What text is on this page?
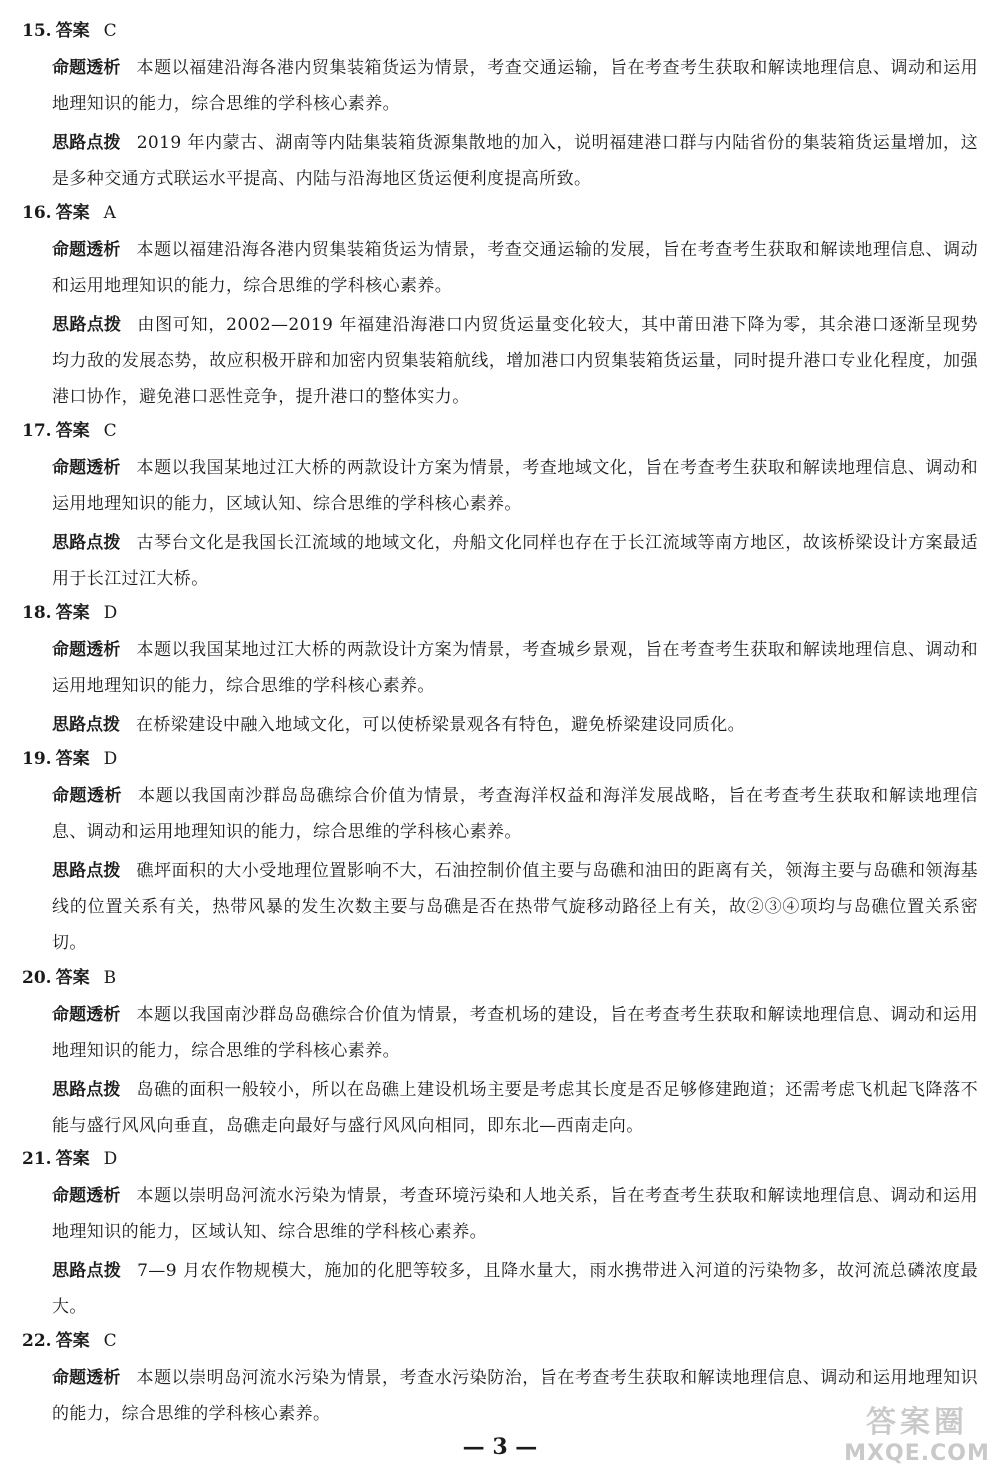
15. 答案 C
命题透析 本题以福建沿海各港内贸集装箱货运为情景，考查交通运输，旨在考查考生获取和解读地理信息、调动和运用地理知识的能力，综合思维的学科核心素养。
思路点拨 2019 年内蒙古、湖南等内陆集装箱货源集散地的加入，说明福建港口群与内陆省份的集装箱货运量增加，这是多种交通方式联运水平提高、内陆与沿海地区货运便利度提高所致。
16. 答案 A
命题透析 本题以福建沿海各港内贸集装箱货运为情景，考查交通运输的发展，旨在考查考生获取和解读地理信息、调动和运用地理知识的能力，综合思维的学科核心素养。
思路点拨 由图可知，2002—2019 年福建沿海港口内贸货运量变化较大，其中莆田港下降为零，其余港口逐渐呈现势均力敌的发展态势，故应积极开辟和加密内贸集装箱航线，增加港口内贸集装箱货运量，同时提升港口专业化程度，加强港口协作，避免港口恶性竞争，提升港口的整体实力。
17. 答案 C
命题透析 本题以我国某地过江大桥的两款设计方案为情景，考查地域文化，旨在考查考生获取和解读地理信息、调动和运用地理知识的能力，区域认知、综合思维的学科核心素养。
思路点拨 古琴台文化是我国长江流域的地域文化，舟船文化同样也存在于长江流域等南方地区，故该桥梁设计方案最适用于长江过江大桥。
18. 答案 D
命题透析 本题以我国某地过江大桥的两款设计方案为情景，考查城乡景观，旨在考查考生获取和解读地理信息、调动和运用地理知识的能力，综合思维的学科核心素养。
思路点拨 在桥梁建设中融入地域文化，可以使桥梁景观各有特色，避免桥梁建设同质化。
19. 答案 D
命题透析 本题以我国南沙群岛岛礁综合价值为情景，考查海洋权益和海洋发展战略，旨在考查考生获取和解读地理信息、调动和运用地理知识的能力，综合思维的学科核心素养。
思路点拨 礁坪面积的大小受地理位置影响不大，石油控制价值主要与岛礁和油田的距离有关，领海主要与岛礁和领海基线的位置关系有关，热带风暴的发生次数主要与岛礁是否在热带气旋移动路径上有关，故②③④项均与岛礁位置关系密切。
20. 答案 B
命题透析 本题以我国南沙群岛岛礁综合价值为情景，考查机场的建设，旨在考查考生获取和解读地理信息、调动和运用地理知识的能力，综合思维的学科核心素养。
思路点拨 岛礁的面积一般较小，所以在岛礁上建设机场主要是考虑其长度是否足够修建跑道；还需考虑飞机起飞降落不能与盛行风风向垂直，岛礁走向最好与盛行风风向相同，即东北—西南走向。
21. 答案 D
命题透析 本题以崇明岛河流水污染为情景，考查环境污染和人地关系，旨在考查考生获取和解读地理信息、调动和运用地理知识的能力，区域认知、综合思维的学科核心素养。
思路点拨 7—9 月农作物规模大，施加的化肥等较多，且降水量大，雨水携带进入河道的污染物多，故河流总磷浓度最大。
22. 答案 C
命题透析 本题以崇明岛河流水污染为情景，考查水污染防治，旨在考查考生获取和解读地理信息、调动和运用地理知识的能力，综合思维的学科核心素养。
— 3 —
答案圈
MXQE.COM
